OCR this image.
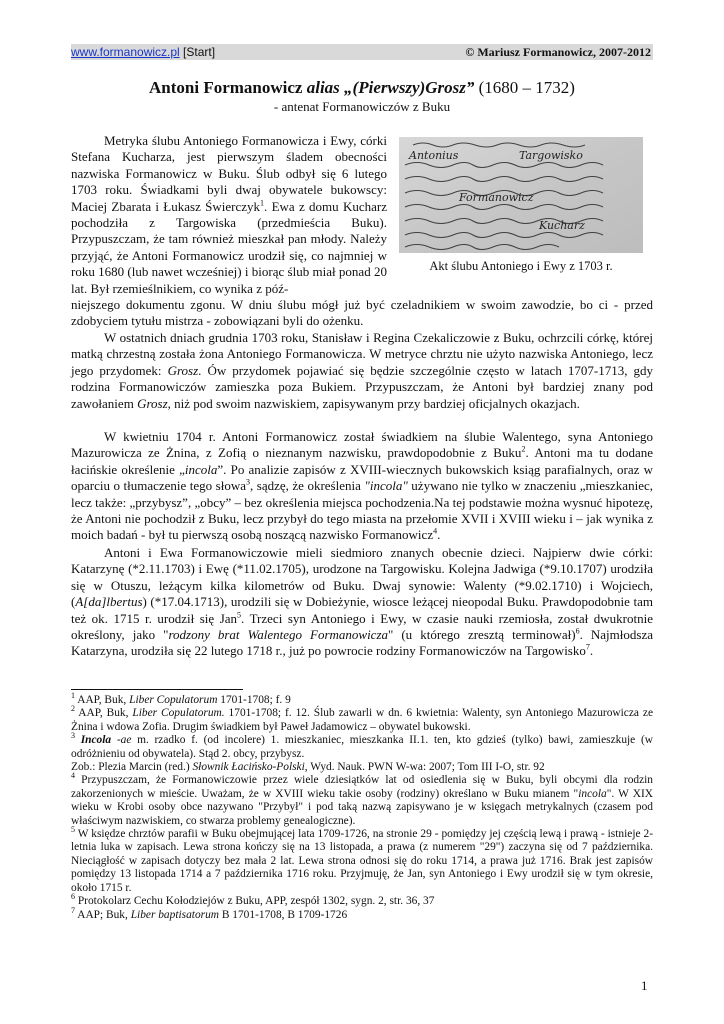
www.formanowicz.pl [Start]	© Mariusz Formanowicz, 2007-2012
Antoni Formanowicz alias „(Pierwszy)Grosz” (1680 – 1732)
- antenat Formanowiczów z Buku
Antonius	Targowisko
Formanowicz
Kucharz
Akt ślubu Antoniego i Ewy z 1703 r.

Metryka ślubu Antoniego Formanowicza i Ewy, córki Stefana Kucharza, jest pierwszym śladem obecności nazwiska Formanowicz w Buku. Ślub odbył się 6 lutego 1703 roku. Świadkami byli dwaj obywatele bukowscy: Maciej Zbarata i Łukasz Świerczyk$^1$. Ewa z domu Kucharz pochodziła z Targowiska (przedmieścia Buku). Przypuszczam, że tam również mieszkał pan młody. Należy przyjąć, że Antoni Formanowicz urodził się, co najmniej w roku 1680 (lub nawet wcześniej) i biorąc ślub miał ponad 20 lat. Był rzemieślnikiem, co wynika z póź-

niejszego dokumentu zgonu. W dniu ślubu mógł już być czeladnikiem w swoim zawodzie, bo ci - przed zdobyciem tytułu mistrza - zobowiązani byli do ożenku.

W ostatnich dniach grudnia 1703 roku, Stanisław i Regina Czekaliczowie z Buku, ochrzcili córkę, której matką chrzestną została żona Antoniego Formanowicza. W metryce chrztu nie użyto nazwiska Antoniego, lecz jego przydomek: Grosz. Ów przydomek pojawiać się będzie szczególnie często w latach 1707-1713, gdy rodzina Formanowiczów zamieszka poza Bukiem. Przypuszczam, że Antoni był bardziej znany pod zawołaniem Grosz, niż pod swoim nazwiskiem, zapisywanym przy bardziej oficjalnych okazjach.

W kwietniu 1704 r. Antoni Formanowicz został świadkiem na ślubie Walentego, syna Antoniego Mazurowicza ze Żnina, z Zofią o nieznanym nazwisku, prawdopodobnie z Buku$^2$. Antoni ma tu dodane łacińskie określenie „incola”. Po analizie zapisów z XVIII-wiecznych bukowskich ksiąg parafialnych, oraz w oparciu o tłumaczenie tego słowa$^3$, sądzę, że określenia "incola" używano nie tylko w znaczeniu „mieszkaniec, lecz także: „przybysz”, „obcy” – bez określenia miejsca pochodzenia.Na tej podstawie można wysnuć hipotezę, że Antoni nie pochodził z Buku, lecz przybył do tego miasta na przełomie XVII i XVIII wieku i – jak wynika z moich badań - był tu pierwszą osobą noszącą nazwisko Formanowicz$^4$.

Antoni i Ewa Formanowiczowie mieli siedmioro znanych obecnie dzieci. Najpierw dwie córki: Katarzynę (*2.11.1703) i Ewę (*11.02.1705), urodzone na Targowisku. Kolejna Jadwiga (*9.10.1707) urodziła się w Otuszu, leżącym kilka kilometrów od Buku. Dwaj synowie: Walenty (*9.02.1710) i Wojciech, (A[da]lbertus) (*17.04.1713), urodzili się w Dobieżynie, wiosce leżącej nieopodal Buku. Prawdopodobnie tam też ok. 1715 r. urodził się Jan$^5$. Trzeci syn Antoniego i Ewy, w czasie nauki rzemiosła, został dwukrotnie określony, jako "rodzony brat Walentego Formanowicza" (u którego zresztą terminował)$^6$. Najmłodsza Katarzyna, urodziła się 22 lutego 1718 r., już po powrocie rodziny Formanowiczów na Targowisko$^7$.

$^1$ AAP, Buk, Liber Copulatorum 1701-1708; f. 9

$^2$ AAP, Buk, Liber Copulatorum. 1701-1708; f. 12. Ślub zawarli w dn. 6 kwietnia: Walenty, syn Antoniego Mazurowicza ze Żnina i wdowa Zofia. Drugim świadkiem był Paweł Jadamowicz – obywatel bukowski.

$^3$ Incola -ae m. rzadko f. (od incolere) 1. mieszkaniec, mieszkanka II.1. ten, kto gdzieś (tylko) bawi, zamieszkuje (w odróżnieniu od obywatela). Stąd 2. obcy, przybysz.

Zob.: Plezia Marcin (red.) Słownik Łacińsko-Polski, Wyd. Nauk. PWN W-wa: 2007; Tom III I-O, str. 92

$^4$ Przypuszczam, że Formanowiczowie przez wiele dziesiątków lat od osiedlenia się w Buku, byli obcymi dla rodzin zakorzenionych w mieście. Uważam, że w XVIII wieku takie osoby (rodziny) określano w Buku mianem "incola". W XIX wieku w Krobi osoby obce nazywano "Przybył" i pod taką nazwą zapisywano je w księgach metrykalnych (czasem pod właściwym nazwiskiem, co stwarza problemy genealogiczne).

$^5$ W księdze chrztów parafii w Buku obejmującej lata 1709-1726, na stronie 29 - pomiędzy jej częścią lewą i prawą - istnieje 2-letnia luka w zapisach. Lewa strona kończy się na 13 listopada, a prawa (z numerem "29") zaczyna się od 7 października. Nieciągłość w zapisach dotyczy bez mała 2 lat. Lewa strona odnosi się do roku 1714, a prawa już 1716. Brak jest zapisów pomiędzy 13 listopada 1714 a 7 października 1716 roku. Przyjmuję, że Jan, syn Antoniego i Ewy urodził się w tym okresie, około 1715 r.

$^6$ Protokolarz Cechu Kołodziejów z Buku, APP, zespół 1302, sygn. 2, str. 36, 37

$^7$ AAP; Buk, Liber baptisatorum B 1701-1708, B 1709-1726

1
